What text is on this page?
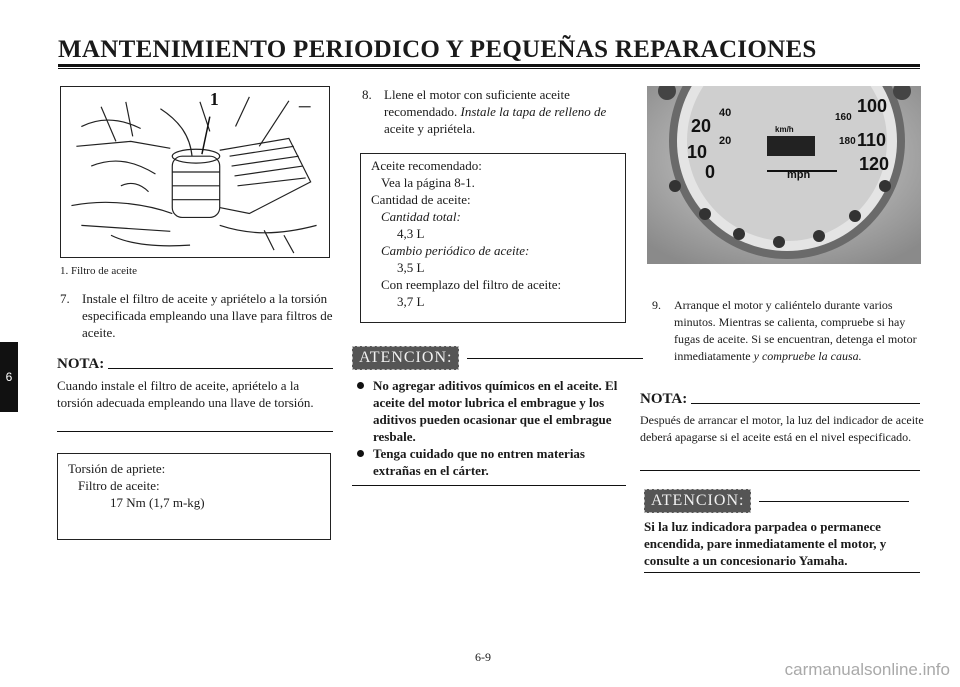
MANTENIMIENTO PERIODICO Y PEQUEÑAS REPARACIONES
6
1
1. Filtro de aceite
7. Instale el filtro de aceite y apriételo a la torsión especificada empleando una llave para filtros de aceite.
NOTA:
Cuando instale el filtro de aceite, apriételo a la torsión adecuada empleando una llave de torsión.
Torsión de apriete:
Filtro de aceite:
17 Nm (1,7 m-kg)
8. Llene el motor con suficiente aceite recomendado. Instale la tapa de relleno de aceite y apriétela.
Aceite recomendado:
Vea la página 8-1.
Cantidad de aceite:
Cantidad total:
4,3 L
Cambio periódico de aceite:
3,5 L
Con reemplazo del filtro de aceite:
3,7 L
ATENCION:
No agregar aditivos químicos en el aceite. El aceite del motor lubrica el embrague y los aditivos pueden ocasionar que el embrague resbale.
Tenga cuidado que no entren materias extrañas en el cárter.
20
10
0
40
20
160
180
100
110
120
mph
km/h
9.	Arranque el motor y caliéntelo durante varios minutos. Mientras se calienta, compruebe si hay fugas de aceite. Si se encuentran, detenga el motor inmediatamente y compruebe la causa.
NOTA:
Después de arrancar el motor, la luz del indicador de aceite deberá apagarse si el aceite está en el nivel especificado.
ATENCION:
Si la luz indicadora parpadea o permanece encendida, pare inmediatamente el motor, y consulte a un concesionario Yamaha.
6-9
carmanualsonline.info
